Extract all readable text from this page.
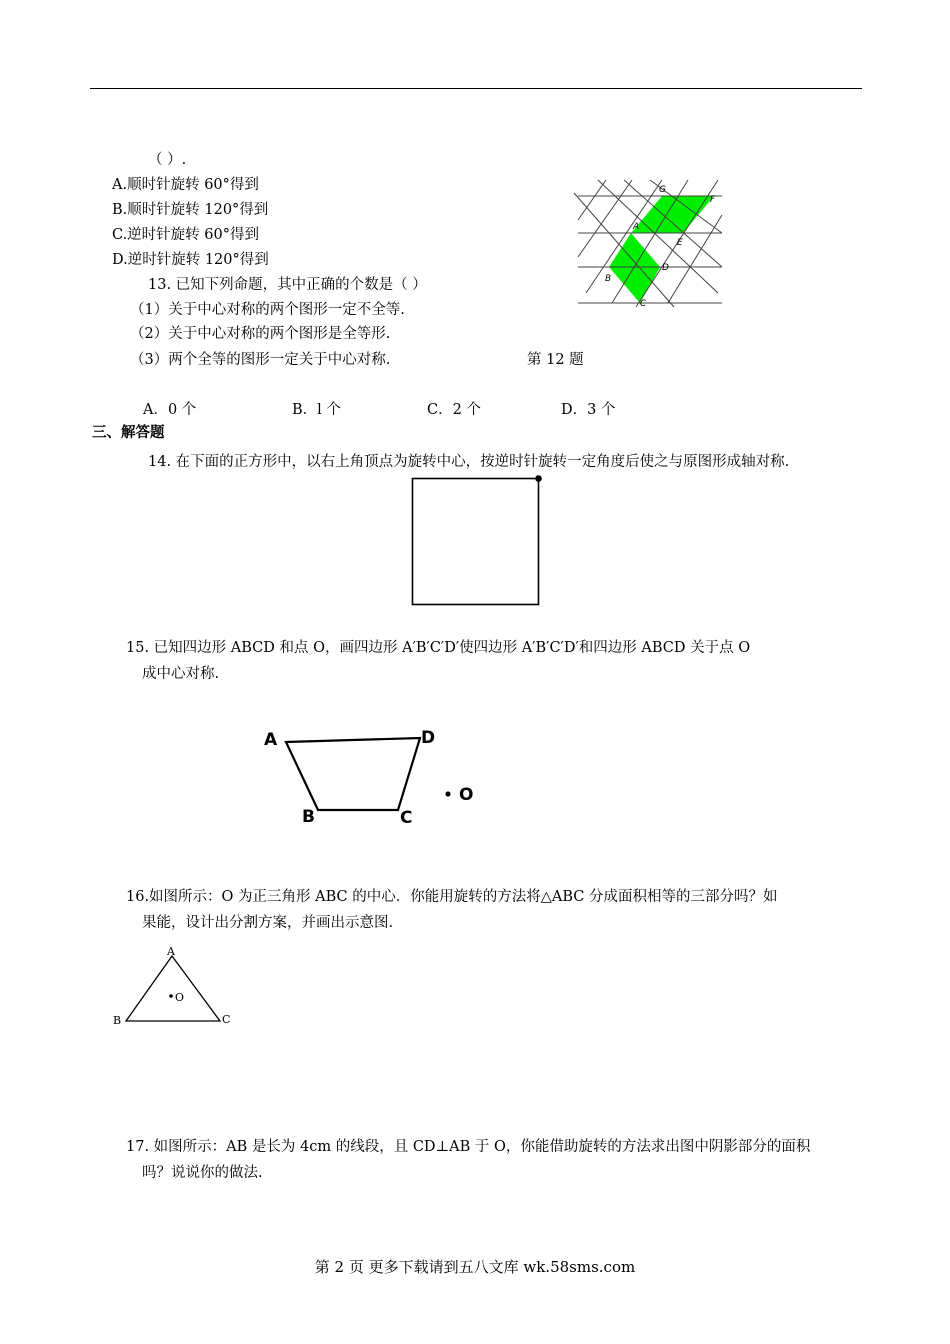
（ ）.
A.顺时针旋转 60°得到
B.顺时针旋转 120°得到
C.逆时针旋转 60°得到
D.逆时针旋转 120°得到
G
F
A
E
B
D
C
13. 已知下列命题，其中正确的个数是（ ）
（1）关于中心对称的两个图形一定不全等.
（2）关于中心对称的两个图形是全等形.
（3）两个全等的图形一定关于中心对称.	第 12 题
A．0 个	B．l 个	C．2 个	D．3 个
三、解答题
14. 在下面的正方形中，以右上角顶点为旋转中心，按逆时针旋转一定角度后使之与原图形成轴对称.
15. 已知四边形 ABCD 和点 O，画四边形 A′B′C′D′使四边形 A′B′C′D′和四边形 ABCD 关于点 O
成中心对称.
A	D
B	C
O
16.如图所示：O 为正三角形 ABC 的中心．你能用旋转的方法将△ABC 分成面积相等的三部分吗？如
果能，设计出分割方案，并画出示意图.
A
B	C
O
17. 如图所示：AB 是长为 4cm 的线段，且 CD⊥AB 于 O，你能借助旋转的方法求出图中阴影部分的面积
吗？说说你的做法.
第 2 页 更多下载请到五八文库 wk.58sms.com
